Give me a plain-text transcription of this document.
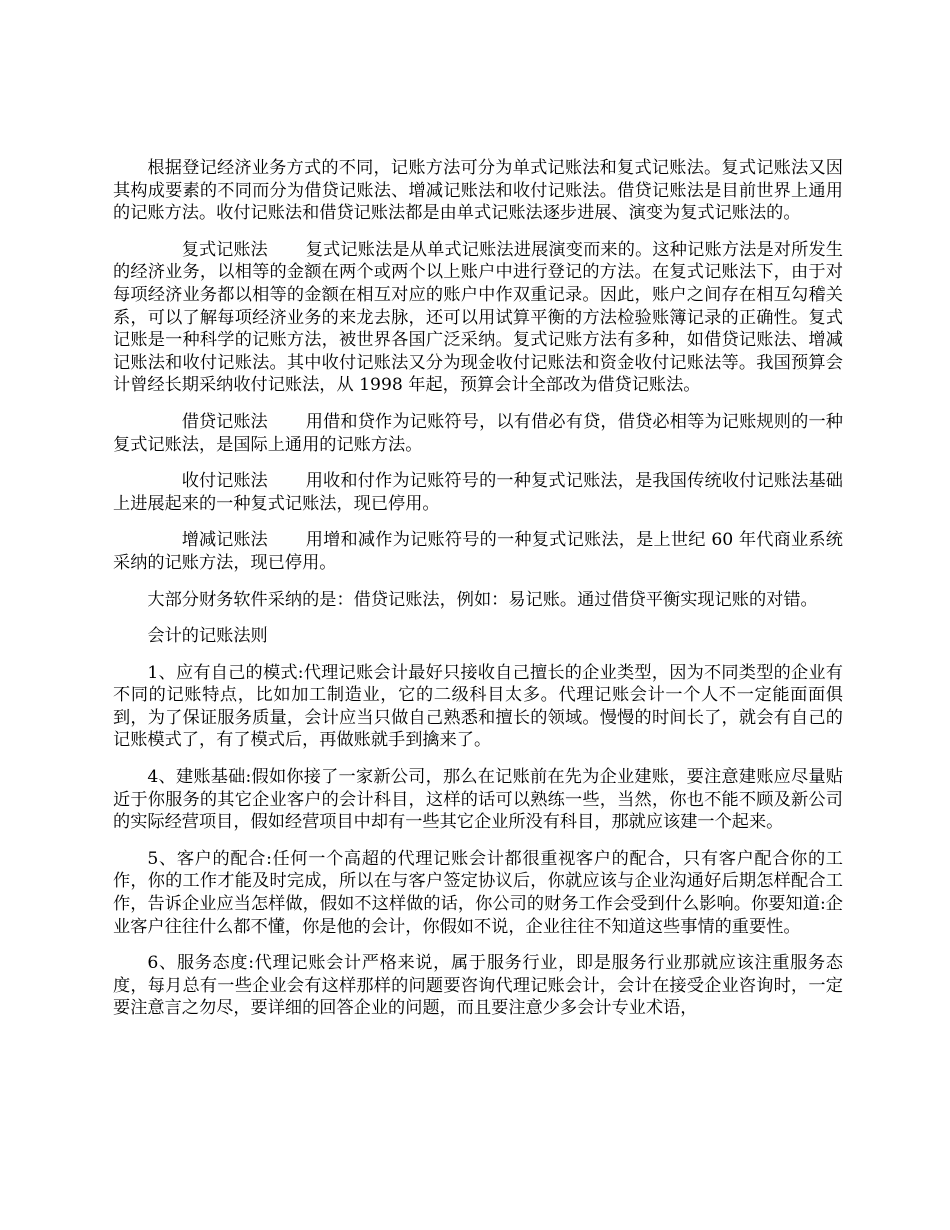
根据登记经济业务方式的不同，记账方法可分为单式记账法和复式记账法。复式记账法又因其构成要素的不同而分为借贷记账法、增减记账法和收付记账法。借贷记账法是目前世界上通用的记账方法。收付记账法和借贷记账法都是由单式记账法逐步进展、演变为复式记账法的。

复式记账法 复式记账法是从单式记账法进展演变而来的。这种记账方法是对所发生的经济业务，以相等的金额在两个或两个以上账户中进行登记的方法。在复式记账法下，由于对每项经济业务都以相等的金额在相互对应的账户中作双重记录。因此，账户之间存在相互勾稽关系，可以了解每项经济业务的来龙去脉，还可以用试算平衡的方法检验账簿记录的正确性。复式记账是一种科学的记账方法，被世界各国广泛采纳。复式记账方法有多种，如借贷记账法、增减记账法和收付记账法。其中收付记账法又分为现金收付记账法和资金收付记账法等。我国预算会计曾经长期采纳收付记账法，从 1998 年起，预算会计全部改为借贷记账法。

借贷记账法 用借和贷作为记账符号，以有借必有贷，借贷必相等为记账规则的一种复式记账法，是国际上通用的记账方法。

收付记账法 用收和付作为记账符号的一种复式记账法，是我国传统收付记账法基础上进展起来的一种复式记账法，现已停用。

增减记账法 用增和减作为记账符号的一种复式记账法，是上世纪 60 年代商业系统采纳的记账方法，现已停用。

大部分财务软件采纳的是：借贷记账法，例如：易记账。通过借贷平衡实现记账的对错。

会计的记账法则

1、应有自己的模式:代理记账会计最好只接收自己擅长的企业类型，因为不同类型的企业有不同的记账特点，比如加工制造业，它的二级科目太多。代理记账会计一个人不一定能面面俱到，为了保证服务质量，会计应当只做自己熟悉和擅长的领域。慢慢的时间长了，就会有自己的记账模式了，有了模式后，再做账就手到擒来了。

4、建账基础:假如你接了一家新公司，那么在记账前在先为企业建账，要注意建账应尽量贴近于你服务的其它企业客户的会计科目，这样的话可以熟练一些，当然，你也不能不顾及新公司的实际经营项目，假如经营项目中却有一些其它企业所没有科目，那就应该建一个起来。

5、客户的配合:任何一个高超的代理记账会计都很重视客户的配合，只有客户配合你的工作，你的工作才能及时完成，所以在与客户签定协议后，你就应该与企业沟通好后期怎样配合工作，告诉企业应当怎样做，假如不这样做的话，你公司的财务工作会受到什么影响。你要知道:企业客户往往什么都不懂，你是他的会计，你假如不说，企业往往不知道这些事情的重要性。

6、服务态度:代理记账会计严格来说，属于服务行业，即是服务行业那就应该注重服务态度，每月总有一些企业会有这样那样的问题要咨询代理记账会计，会计在接受企业咨询时，一定要注意言之勿尽，要详细的回答企业的问题，而且要注意少多会计专业术语，
